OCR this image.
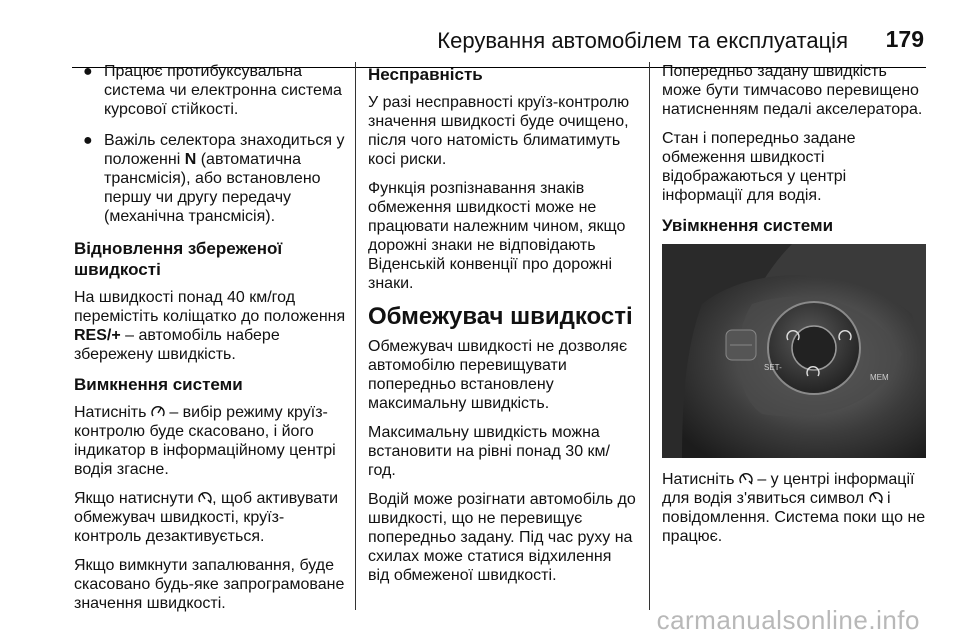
Керування автомобілем та експлуатація 179
● Працює протибуксувальна система чи електронна система курсової стійкості.
● Важіль селектора знаходиться у положенні N (автоматична трансмісія), або встановлено першу чи другу передачу (механічна трансмісія).
Відновлення збереженої швидкості

На швидкості понад 40 км/год перемістіть коліщатко до положення RES/+ – автомобіль набере збережену швидкість.

Вимкнення системи

Натисніть  – вибір режиму круїз-контролю буде скасовано, і його індикатор в інформаційному центрі водія згасне.

Якщо натиснути , щоб активувати обмежувач швидкості, круїз-контроль дезактивується.

Якщо вимкнути запалювання, буде скасовано будь-яке запрограмоване значення швидкості.

Несправність

У разі несправності круїз-контролю значення швидкості буде очищено, після чого натомість блиматимуть косі риски.

Функція розпізнавання знаків обмеження швидкості може не працювати належним чином, якщо дорожні знаки не відповідають Віденській конвенції про дорожні знаки.

Обмежувач швидкості

Обмежувач швидкості не дозволяє автомобілю перевищувати попередньо встановлену максимальну швидкість.

Максимальну швидкість можна встановити на рівні понад 30 км/год.

Водій може розігнати автомобіль до швидкості, що не перевищує попередньо задану. Під час руху на схилах може статися відхилення від обмеженої швидкості.

Попередньо задану швидкість може бути тимчасово перевищено натисненням педалі акселератора.

Стан і попередньо задане обмеження швидкості відображаються у центрі інформації для водія.

Увімкнення системи
SET-
MEM

Натисніть  – у центрі інформації для водія з'явиться символ  і повідомлення. Система поки що не працює.

carmanualsonline.info
